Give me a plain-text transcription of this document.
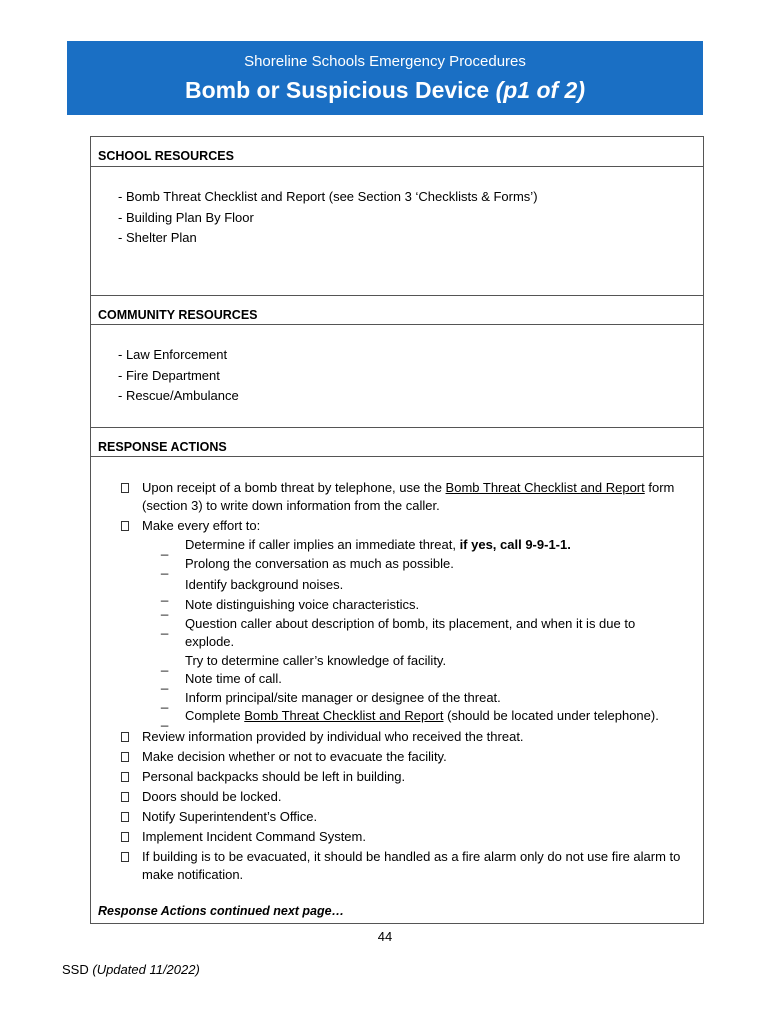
Shoreline Schools Emergency Procedures
Bomb or Suspicious Device (p1 of 2)
SCHOOL RESOURCES
- Bomb Threat Checklist and Report (see Section 3 ‘Checklists & Forms’)
- Building Plan By Floor
- Shelter Plan
COMMUNITY RESOURCES
- Law Enforcement
- Fire Department
- Rescue/Ambulance
RESPONSE ACTIONS
Upon receipt of a bomb threat by telephone, use the Bomb Threat Checklist and Report form (section 3) to write down information from the caller.
Make every effort to:
_ Determine if caller implies an immediate threat, if yes, call 9-9-1-1.
_ Prolong the conversation as much as possible.
_
Identify background noises.
_ Note distinguishing voice characteristics.
_ Question caller about description of bomb, its placement, and when it is due to explode.
_ Try to determine caller’s knowledge of facility.
_ Note time of call.
_ Inform principal/site manager or designee of the threat.
_ Complete Bomb Threat Checklist and Report (should be located under telephone).
Review information provided by individual who received the threat.
Make decision whether or not to evacuate the facility.
Personal backpacks should be left in building.
Doors should be locked.
Notify Superintendent’s Office.
Implement Incident Command System.
If building is to be evacuated, it should be handled as a fire alarm only do not use fire alarm to make notification.
Response Actions continued next page…
44
SSD (Updated 11/2022)
